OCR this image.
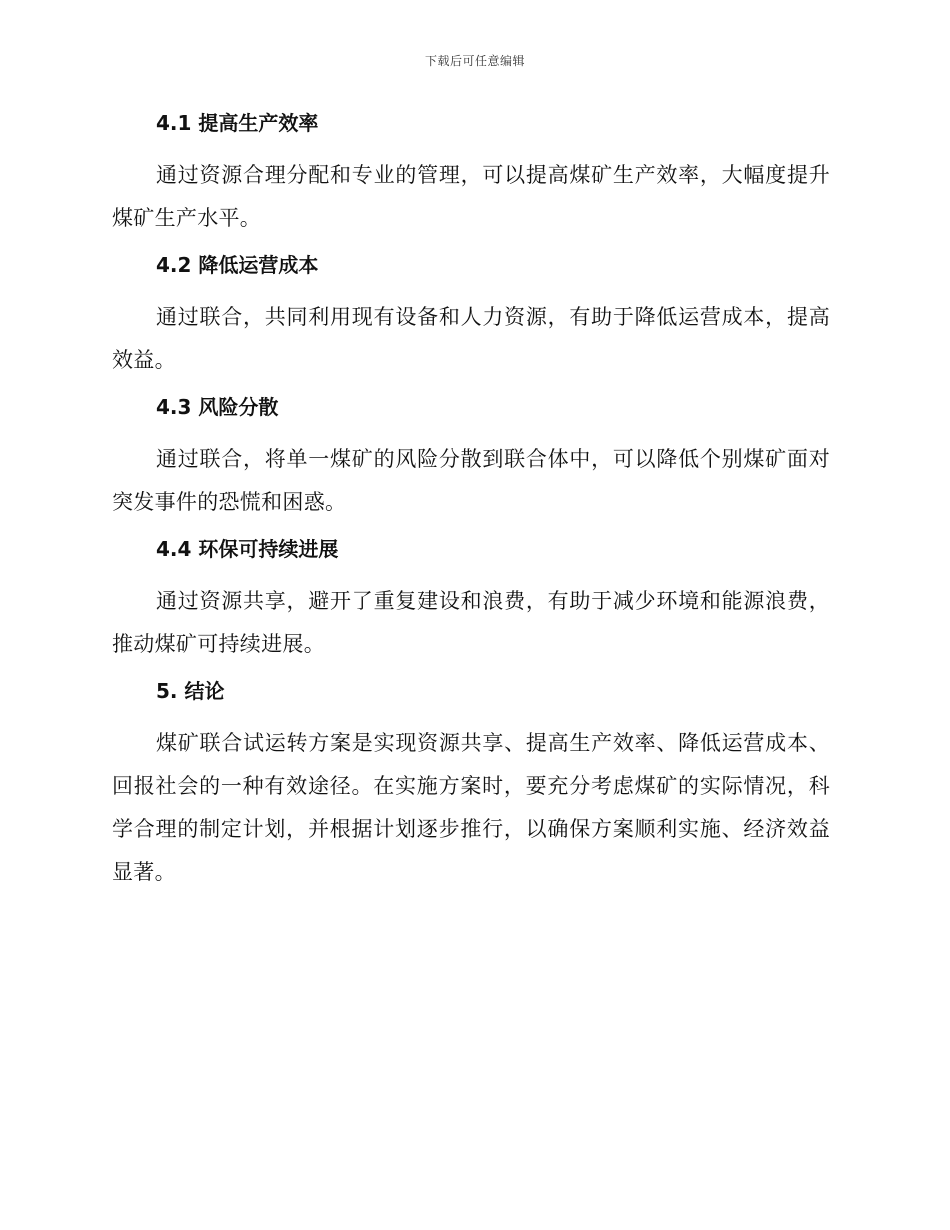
下载后可任意编辑
4.1 提高生产效率

通过资源合理分配和专业的管理，可以提高煤矿生产效率，大幅度提升煤矿生产水平。

4.2 降低运营成本

通过联合，共同利用现有设备和人力资源，有助于降低运营成本，提高效益。

4.3 风险分散

通过联合，将单一煤矿的风险分散到联合体中，可以降低个别煤矿面对突发事件的恐慌和困惑。

4.4 环保可持续进展

通过资源共享，避开了重复建设和浪费，有助于减少环境和能源浪费，推动煤矿可持续进展。

5. 结论

煤矿联合试运转方案是实现资源共享、提高生产效率、降低运营成本、回报社会的一种有效途径。在实施方案时，要充分考虑煤矿的实际情况，科学合理的制定计划，并根据计划逐步推行，以确保方案顺利实施、经济效益显著。
